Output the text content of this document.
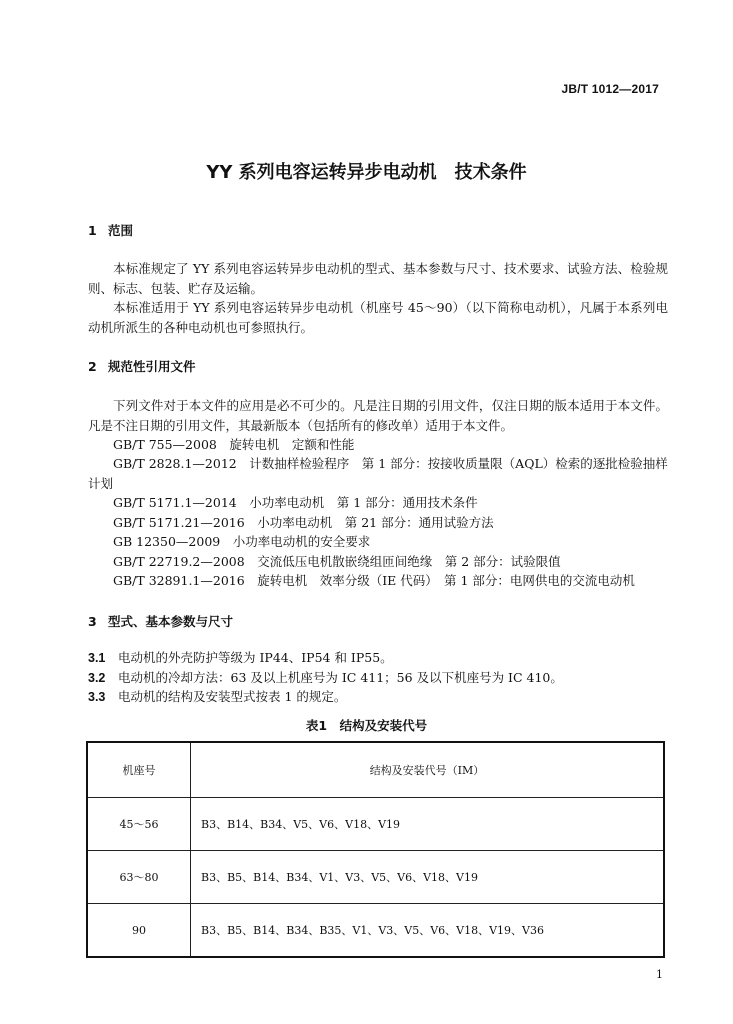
JB/T 1012—2017
YY 系列电容运转异步电动机 技术条件
1 范围

本标准规定了 YY 系列电容运转异步电动机的型式、基本参数与尺寸、技术要求、试验方法、检验规则、标志、包装、贮存及运输。

本标准适用于 YY 系列电容运转异步电动机（机座号 45～90）（以下简称电动机），凡属于本系列电动机所派生的各种电动机也可参照执行。

2 规范性引用文件

下列文件对于本文件的应用是必不可少的。凡是注日期的引用文件，仅注日期的版本适用于本文件。凡是不注日期的引用文件，其最新版本（包括所有的修改单）适用于本文件。

GB/T 755—2008　 旋转电机　定额和性能
GB/T 2828.1—2012　 计数抽样检验程序　第 1 部分：按接收质量限（AQL）检索的逐批检验抽样
计划
GB/T 5171.1—2014　 小功率电动机　第 1 部分：通用技术条件
GB/T 5171.21—2016　 小功率电动机　第 21 部分：通用试验方法
GB 12350—2009　 小功率电动机的安全要求
GB/T 22719.2—2008　 交流低压电机散嵌绕组匝间绝缘　第 2 部分：试验限值
GB/T 32891.1—2016　 旋转电机　效率分级（IE 代码）　第 1 部分：电网供电的交流电动机
3 型式、基本参数与尺寸
3.1 电动机的外壳防护等级为 IP44、IP54 和 IP55。
3.2 电动机的冷却方法：63 及以上机座号为 IC 411；56 及以下机座号为 IC 410。
3.3 电动机的结构及安装型式按表 1 的规定。
表1　结构及安装代号
机座号	结构及安装代号（IM）
45～56	B3、B14、B34、V5、V6、V18、V19
63～80	B3、B5、B14、B34、V1、V3、V5、V6、V18、V19
90	B3、B5、B14、B34、B35、V1、V3、V5、V6、V18、V19、V36
1
